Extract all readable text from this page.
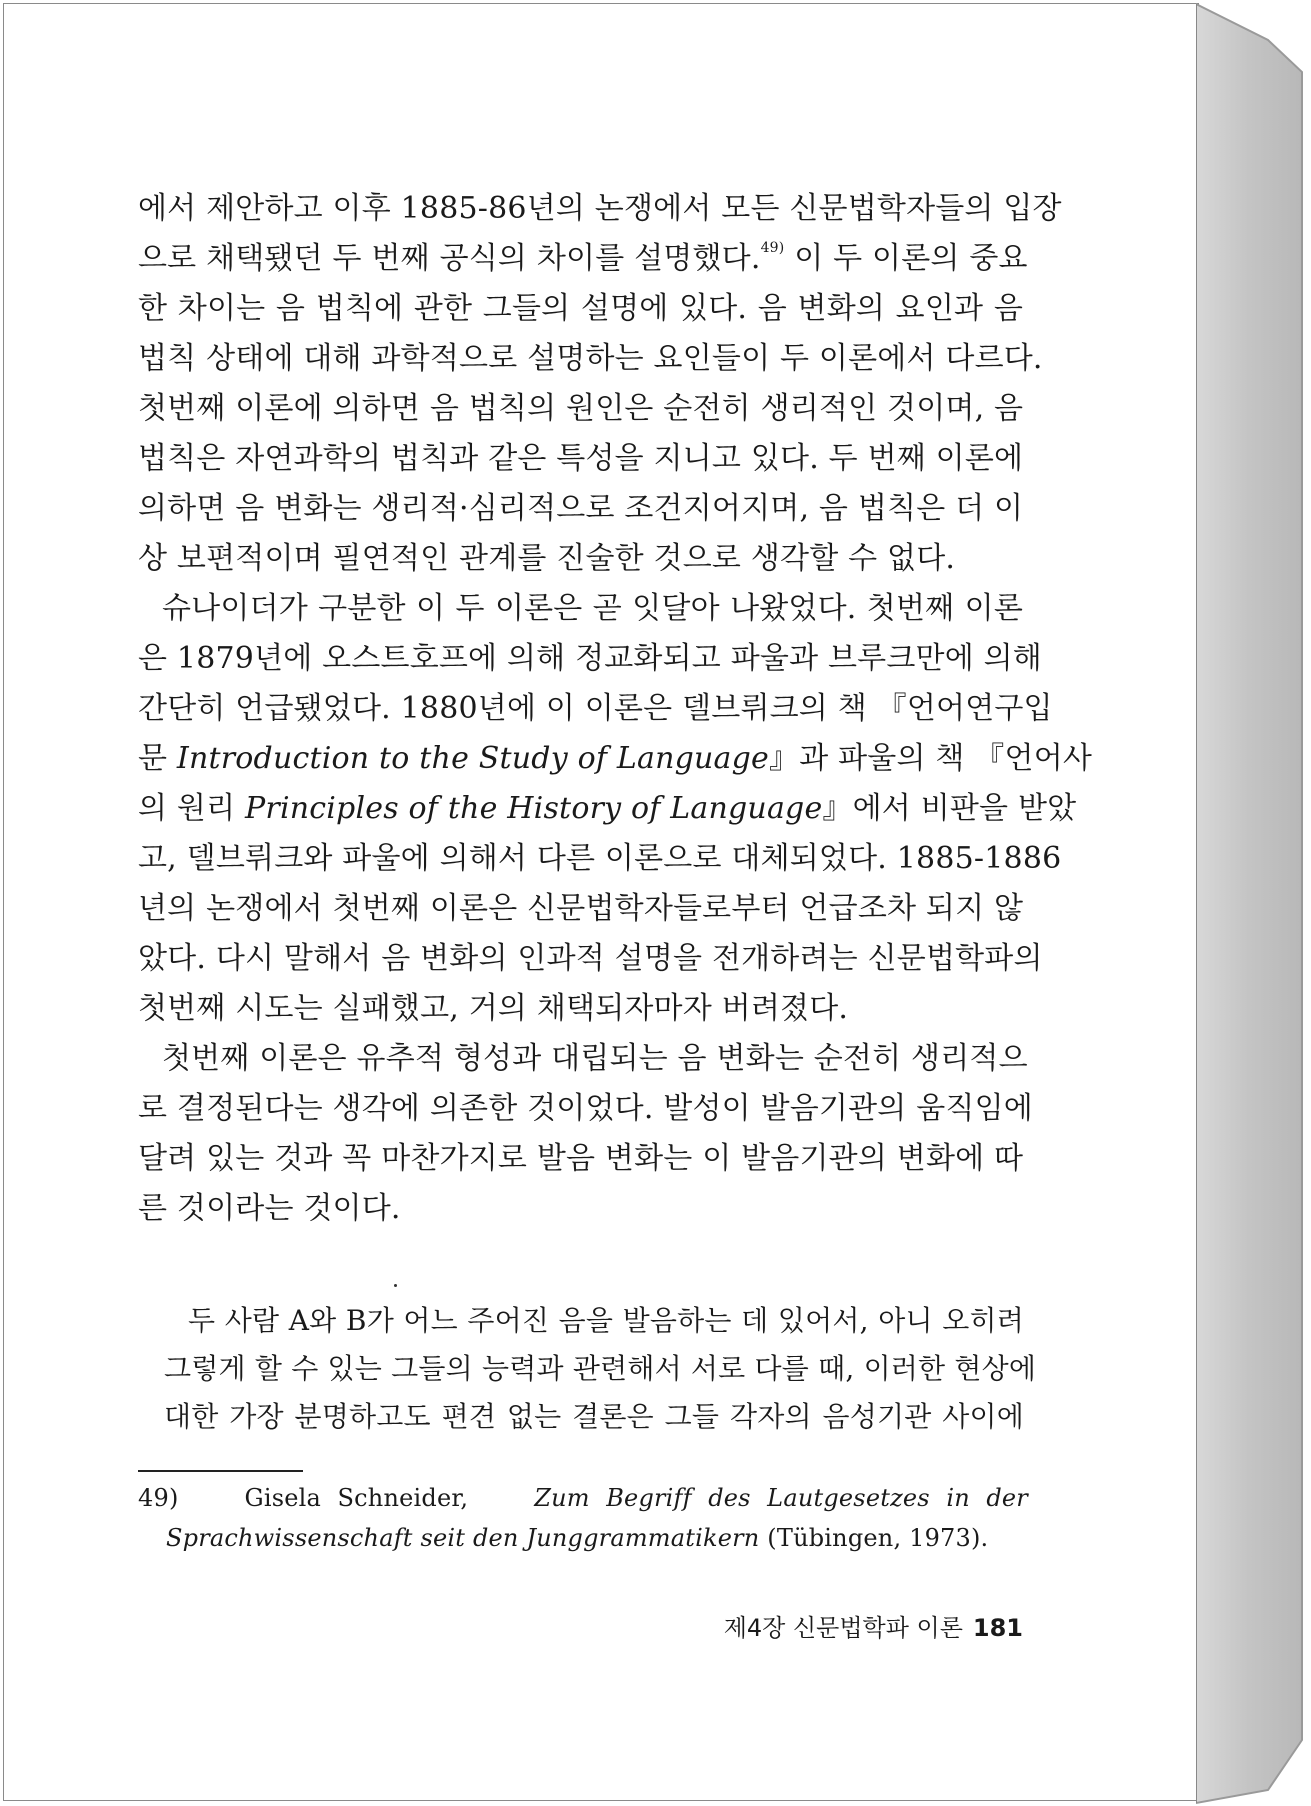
에서 제안하고 이후 1885-86년의 논쟁에서 모든 신문법학자들의 입장
으로 채택됐던 두 번째 공식의 차이를 설명했다.$^{49)}$ 이 두 이론의 중요
한 차이는 음 법칙에 관한 그들의 설명에 있다. 음 변화의 요인과 음
법칙 상태에 대해 과학적으로 설명하는 요인들이 두 이론에서 다르다.
첫번째 이론에 의하면 음 법칙의 원인은 순전히 생리적인 것이며, 음
법칙은 자연과학의 법칙과 같은 특성을 지니고 있다. 두 번째 이론에
의하면 음 변화는 생리적·심리적으로 조건지어지며, 음 법칙은 더 이
상 보편적이며 필연적인 관계를 진술한 것으로 생각할 수 없다.
슈나이더가 구분한 이 두 이론은 곧 잇달아 나왔었다. 첫번째 이론
은 1879년에 오스트호프에 의해 정교화되고 파울과 브루크만에 의해
간단히 언급됐었다. 1880년에 이 이론은 델브뤼크의 책 『언어연구입
문 Introduction to the Study of Language』과 파울의 책 『언어사
의 원리 Principles of the History of Language』에서 비판을 받았
고, 델브뤼크와 파울에 의해서 다른 이론으로 대체되었다. 1885-1886
년의 논쟁에서 첫번째 이론은 신문법학자들로부터 언급조차 되지 않
았다. 다시 말해서 음 변화의 인과적 설명을 전개하려는 신문법학파의
첫번째 시도는 실패했고, 거의 채택되자마자 버려졌다.
첫번째 이론은 유추적 형성과 대립되는 음 변화는 순전히 생리적으
로 결정된다는 생각에 의존한 것이었다. 발성이 발음기관의 움직임에
달려 있는 것과 꼭 마찬가지로 발음 변화는 이 발음기관의 변화에 따
른 것이라는 것이다.
두 사람 A와 B가 어느 주어진 음을 발음하는 데 있어서, 아니 오히려
그렇게 할 수 있는 그들의 능력과 관련해서 서로 다를 때, 이러한 현상에
대한 가장 분명하고도 편견 없는 결론은 그들 각자의 음성기관 사이에
49)	Gisela Schneider,	Zum Begriff des Lautgesetzes in der
Sprachwissenschaft seit den Junggrammatikern (Tübingen, 1973).
제4장 신문법학파 이론 181
